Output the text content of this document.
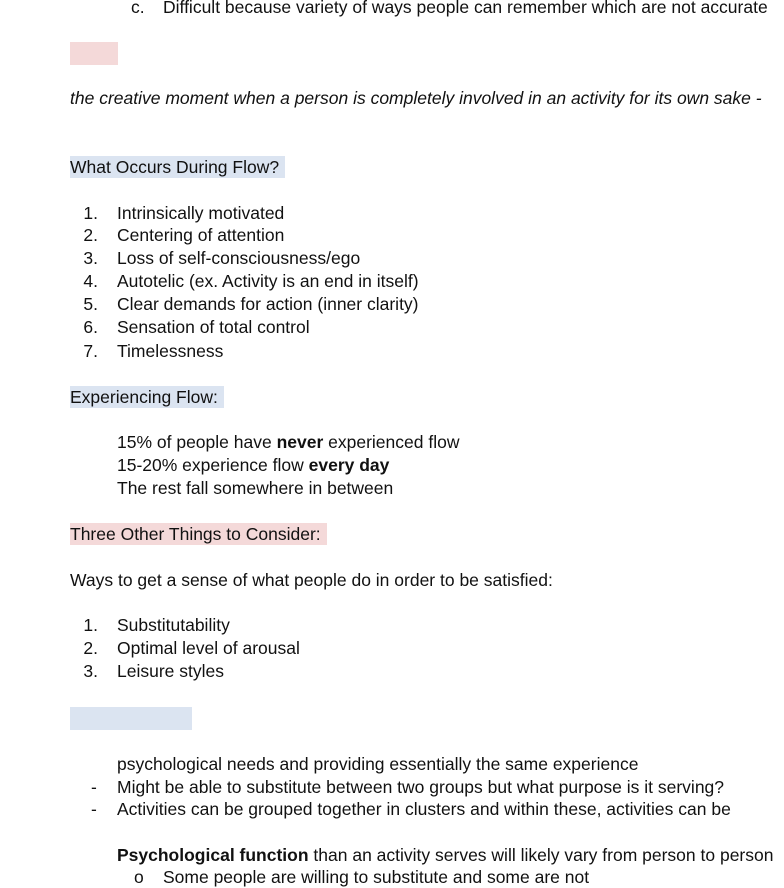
c. Difficult because variety of ways people can remember which are not accurate
the creative moment when a person is completely involved in an activity for its own sake -
What Occurs During Flow?
1. Intrinsically motivated
2. Centering of attention
3. Loss of self-consciousness/ego
4. Autotelic (ex. Activity is an end in itself)
5. Clear demands for action (inner clarity)
6. Sensation of total control
7. Timelessness
Experiencing Flow:
15% of people have never experienced flow
15-20% experience flow every day
The rest fall somewhere in between
Three Other Things to Consider:
Ways to get a sense of what people do in order to be satisfied:
1. Substitutability
2. Optimal level of arousal
3. Leisure styles
psychological needs and providing essentially the same experience
- Might be able to substitute between two groups but what purpose is it serving?
- Activities can be grouped together in clusters and within these, activities can be
Psychological function than an activity serves will likely vary from person to person
o Some people are willing to substitute and some are not
